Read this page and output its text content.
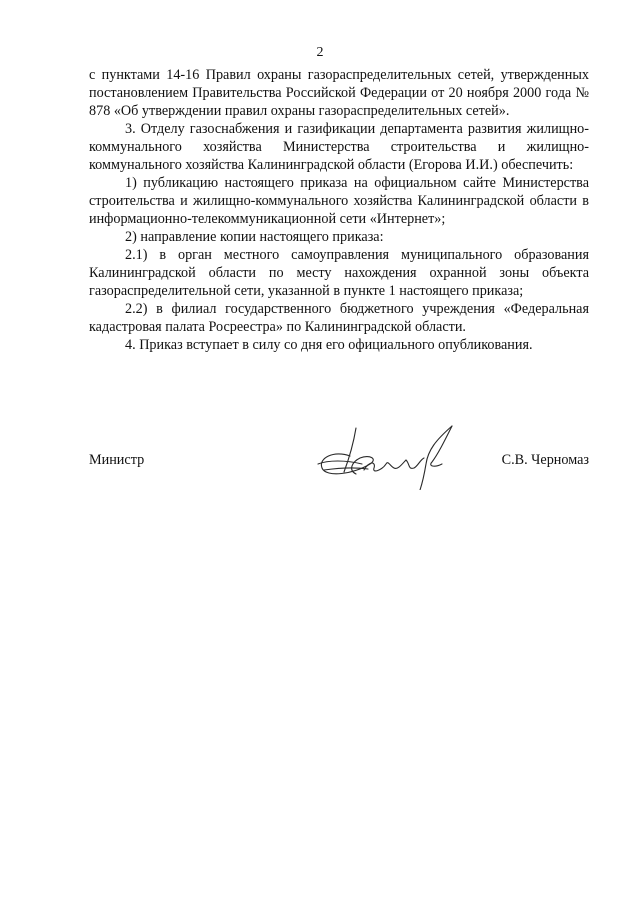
2

с пунктами 14-16 Правил охраны газораспределительных сетей, утвержденных постановлением Правительства Российской Федерации от 20 ноября 2000 года № 878 «Об утверждении правил охраны газораспределительных сетей».

3. Отделу газоснабжения и газификации департамента развития жилищно-коммунального хозяйства Министерства строительства и жилищно-коммунального хозяйства Калининградской области (Егорова И.И.) обеспечить:

1) публикацию настоящего приказа на официальном сайте Министерства строительства и жилищно-коммунального хозяйства Калининградской области в информационно-телекоммуникационной сети «Интернет»;

2) направление копии настоящего приказа:

2.1) в орган местного самоуправления муниципального образования Калининградской области по месту нахождения охранной зоны объекта газораспределительной сети, указанной в пункте 1 настоящего приказа;

2.2) в филиал государственного бюджетного учреждения «Федеральная кадастровая палата Росреестра» по Калининградской области.

4. Приказ вступает в силу со дня его официального опубликования.

Министр	С.В. Черномаз
